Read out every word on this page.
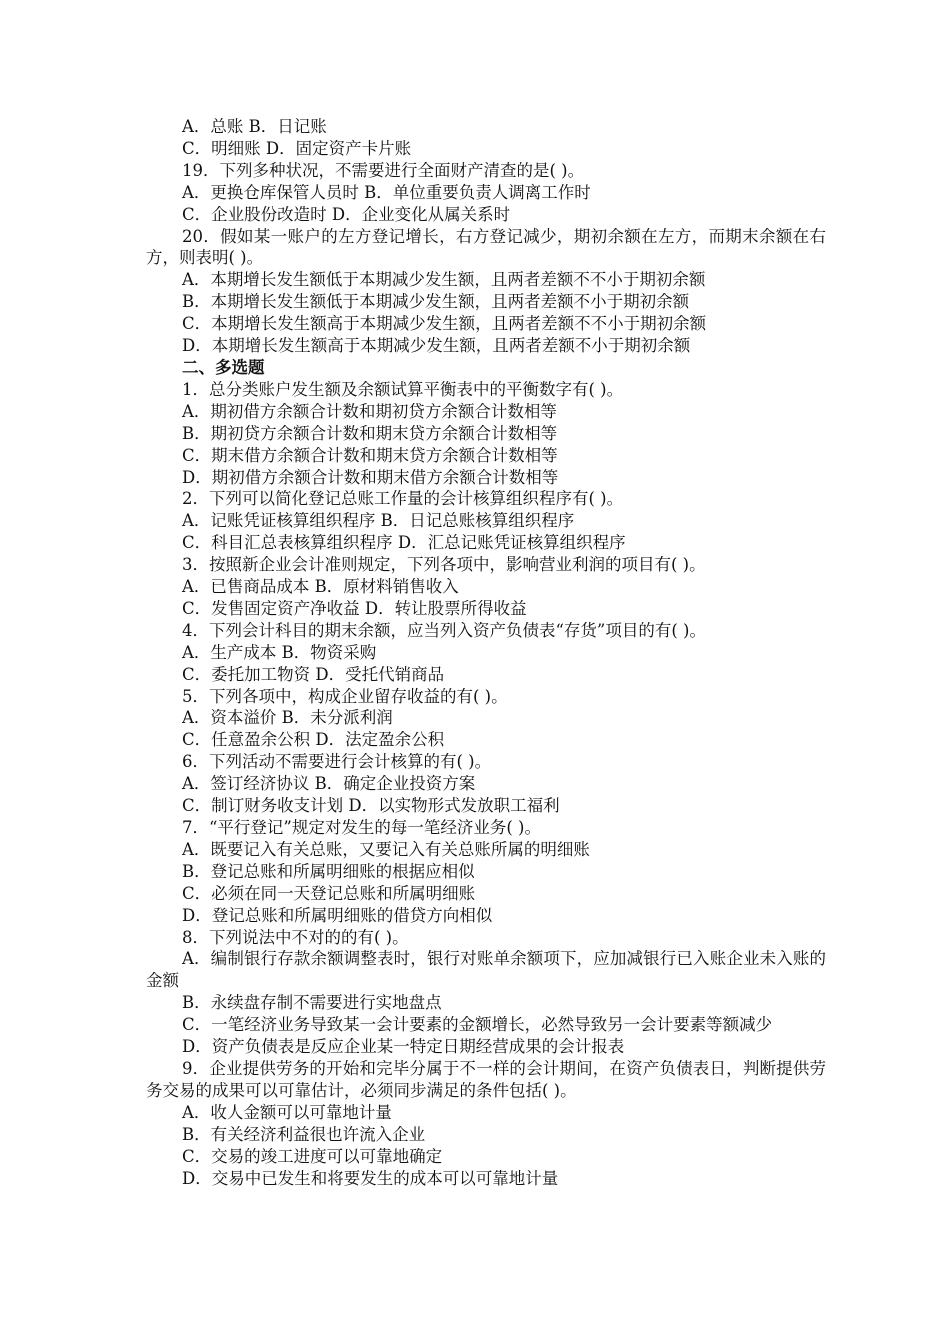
A．总账 B．日记账
C．明细账 D．固定资产卡片账
19．下列多种状况，不需要进行全面财产清查的是( )。
A．更换仓库保管人员时 B．单位重要负责人调离工作时
C．企业股份改造时 D．企业变化从属关系时
20．假如某一账户的左方登记增长，右方登记减少，期初余额在左方，而期末余额在右方，则表明( )。
A．本期增长发生额低于本期减少发生额，且两者差额不不小于期初余额
B．本期增长发生额低于本期减少发生额，且两者差额不小于期初余额
C．本期增长发生额高于本期减少发生额，且两者差额不不小于期初余额
D．本期增长发生额高于本期减少发生额，且两者差额不小于期初余额
二、多选题
1．总分类账户发生额及余额试算平衡表中的平衡数字有( )。
A．期初借方余额合计数和期初贷方余额合计数相等
B．期初贷方余额合计数和期末贷方余额合计数相等
C．期末借方余额合计数和期末贷方余额合计数相等
D．期初借方余额合计数和期末借方余额合计数相等
2．下列可以简化登记总账工作量的会计核算组织程序有( )。
A．记账凭证核算组织程序 B．日记总账核算组织程序
C．科目汇总表核算组织程序 D．汇总记账凭证核算组织程序
3．按照新企业会计准则规定，下列各项中，影响营业利润的项目有( )。
A．已售商品成本 B．原材料销售收入
C．发售固定资产净收益 D．转让股票所得收益
4．下列会计科目的期末余额，应当列入资产负债表“存货”项目的有( )。
A．生产成本 B．物资采购
C．委托加工物资 D．受托代销商品
5．下列各项中，构成企业留存收益的有( )。
A．资本溢价 B．未分派利润
C．任意盈余公积 D．法定盈余公积
6．下列活动不需要进行会计核算的有( )。
A．签订经济协议 B．确定企业投资方案
C．制订财务收支计划 D．以实物形式发放职工福利
7．“平行登记”规定对发生的每一笔经济业务( )。
A．既要记入有关总账，又要记入有关总账所属的明细账
B．登记总账和所属明细账的根据应相似
C．必须在同一天登记总账和所属明细账
D．登记总账和所属明细账的借贷方向相似
8．下列说法中不对的的有( )。
A．编制银行存款余额调整表时，银行对账单余额项下，应加减银行已入账企业未入账的金额
B．永续盘存制不需要进行实地盘点
C．一笔经济业务导致某一会计要素的金额增长，必然导致另一会计要素等额减少
D．资产负债表是反应企业某一特定日期经营成果的会计报表
9．企业提供劳务的开始和完毕分属于不一样的会计期间，在资产负债表日，判断提供劳务交易的成果可以可靠估计，必须同步满足的条件包括( )。
A．收人金额可以可靠地计量
B．有关经济利益很也许流入企业
C．交易的竣工进度可以可靠地确定
D．交易中已发生和将要发生的成本可以可靠地计量
